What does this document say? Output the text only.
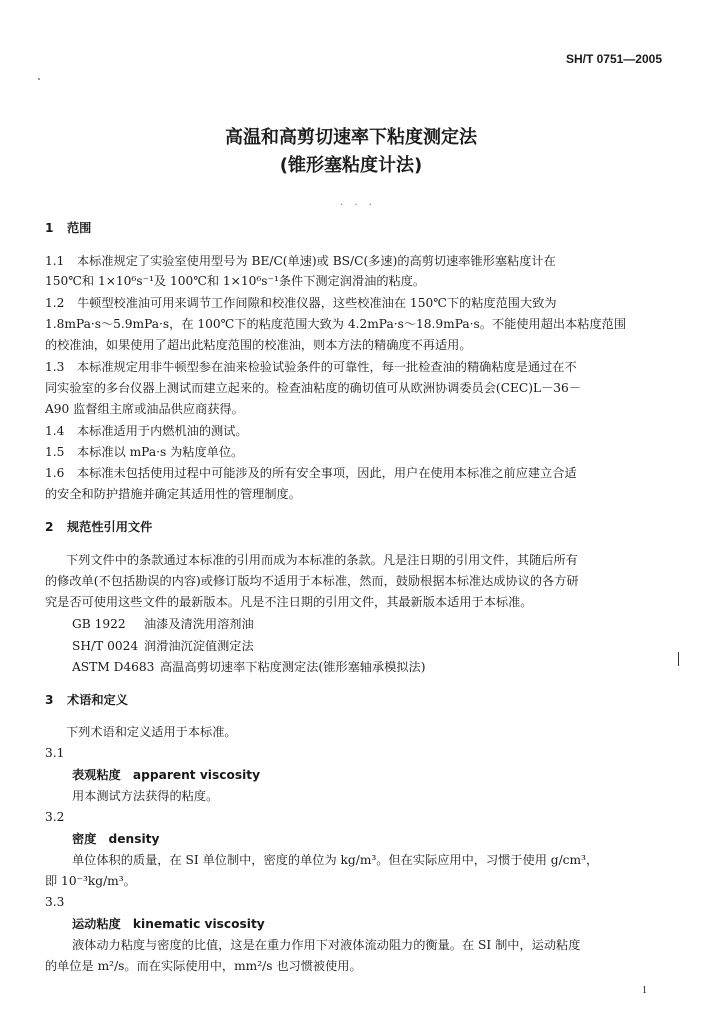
SH/T 0751—2005
高温和高剪切速率下粘度测定法
(锥形塞粘度计法)
· · ·
1 范围
1.1 本标准规定了实验室使用型号为 BE/C(单速)或 BS/C(多速)的高剪切速率锥形塞粘度计在
150℃和 1×10⁶s⁻¹及 100℃和 1×10⁶s⁻¹条件下测定润滑油的粘度。
1.2 牛顿型校准油可用来调节工作间隙和校准仪器，这些校准油在 150℃下的粘度范围大致为
1.8mPa·s～5.9mPa·s，在 100℃下的粘度范围大致为 4.2mPa·s～18.9mPa·s。不能使用超出本粘度范围
的校准油，如果使用了超出此粘度范围的校准油，则本方法的精确度不再适用。
1.3 本标准规定用非牛顿型参在油来检验试验条件的可靠性，每一批检查油的精确粘度是通过在不
同实验室的多台仪器上测试而建立起来的。检查油粘度的确切值可从欧洲协调委员会(CEC)L－36－
A90 监督组主席或油品供应商获得。
1.4 本标准适用于内燃机油的测试。
1.5 本标准以 mPa·s 为粘度单位。
1.6 本标准未包括使用过程中可能涉及的所有安全事项，因此，用户在使用本标准之前应建立合适
的安全和防护措施并确定其适用性的管理制度。
2 规范性引用文件
下列文件中的条款通过本标准的引用而成为本标准的条款。凡是注日期的引用文件，其随后所有
的修改单(不包括勘误的内容)或修订版均不适用于本标准，然而，鼓励根据本标准达成协议的各方研
究是否可使用这些文件的最新版本。凡是不注日期的引用文件，其最新版本适用于本标准。
GB 1922 油漆及清洗用溶剂油
SH/T 0024 润滑油沉淀值测定法
ASTM D4683 高温高剪切速率下粘度测定法(锥形塞轴承模拟法)
3 术语和定义
下列术语和定义适用于本标准。
3.1
表观粘度　apparent viscosity
用本测试方法获得的粘度。
3.2
密度　density
单位体积的质量，在 SI 单位制中，密度的单位为 kg/m³。但在实际应用中，习惯于使用 g/cm³，
即 10⁻³kg/m³。
3.3
运动粘度　kinematic viscosity
液体动力粘度与密度的比值，这是在重力作用下对液体流动阻力的衡量。在 SI 制中，运动粘度
的单位是 m²/s。而在实际使用中，mm²/s 也习惯被使用。
1
